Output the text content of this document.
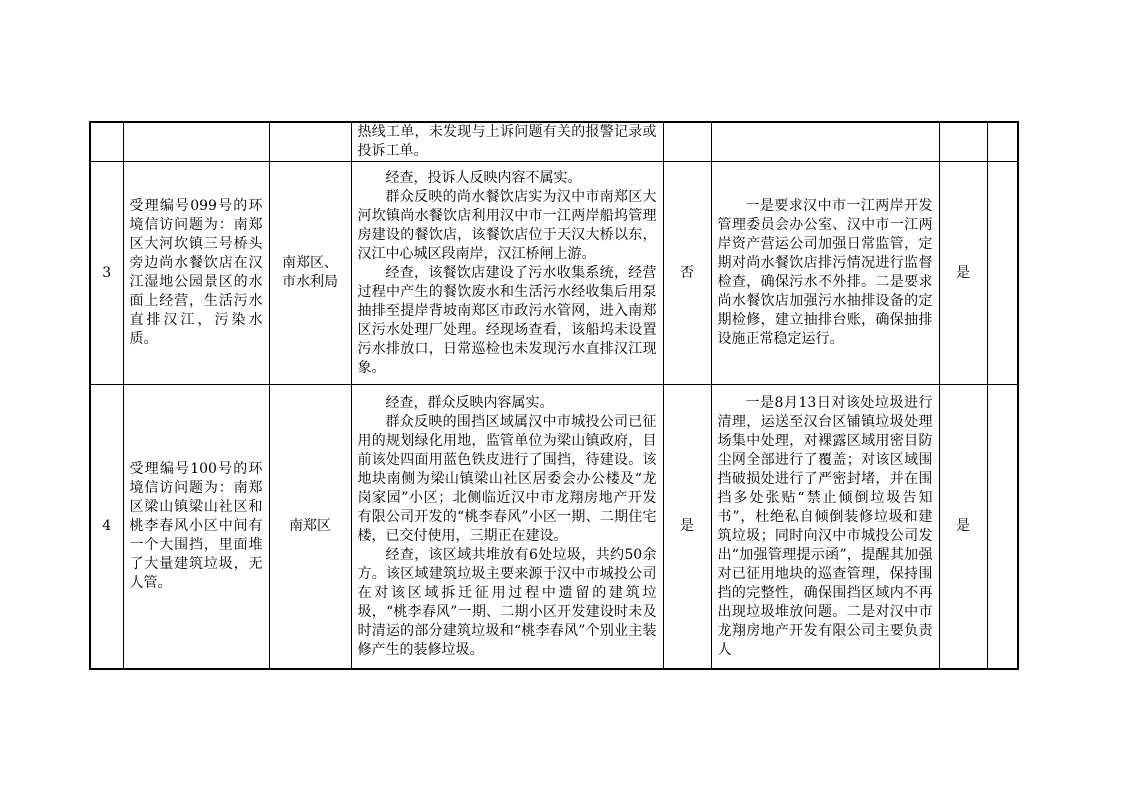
			热线工单，未发现与上诉问题有关的报警记录或投诉工单。				

3	受理编号099号的环境信访问题为：南郑区大河坎镇三号桥头旁边尚水餐饮店在汉江湿地公园景区的水面上经营，生活污水直排汉江，污染水质。	南郑区、市水利局	经查，投诉人反映内容不属实。

群众反映的尚水餐饮店实为汉中市南郑区大河坎镇尚水餐饮店利用汉中市一江两岸船坞管理房建设的餐饮店，该餐饮店位于天汉大桥以东，汉江中心城区段南岸，汉江桥闸上游。

经查，该餐饮店建设了污水收集系统，经营过程中产生的餐饮废水和生活污水经收集后用泵抽排至提岸背坡南郑区市政污水管网，进入南郑区污水处理厂处理。经现场查看，该船坞未设置污水排放口，日常巡检也未发现污水直排汉江现象。	否	一是要求汉中市一江两岸开发管理委员会办公室、汉中市一江两岸资产营运公司加强日常监管，定期对尚水餐饮店排污情况进行监督检查，确保污水不外排。二是要求尚水餐饮店加强污水抽排设备的定期检修，建立抽排台账，确保抽排设施正常稳定运行。	是	
4	受理编号100号的环境信访问题为：南郑区梁山镇梁山社区和桃李春风小区中间有一个大围挡，里面堆了大量建筑垃圾，无人管。	南郑区	经查，群众反映内容属实。

群众反映的围挡区域属汉中市城投公司已征用的规划绿化用地，监管单位为梁山镇政府，目前该处四面用蓝色铁皮进行了围挡，待建设。该地块南侧为梁山镇梁山社区居委会办公楼及“龙岗家园”小区；北侧临近汉中市龙翔房地产开发有限公司开发的“桃李春风”小区一期、二期住宅楼，已交付使用，三期正在建设。

经查，该区域共堆放有6处垃圾，共约50余方。该区域建筑垃圾主要来源于汉中市城投公司在对该区域拆迁征用过程中遗留的建筑垃圾，“桃李春风”一期、二期小区开发建设时未及时清运的部分建筑垃圾和“桃李春风”个别业主装修产生的装修垃圾。	是	一是8月13日对该处垃圾进行清理，运送至汉台区铺镇垃圾处理场集中处理，对裸露区域用密目防尘网全部进行了覆盖；对该区域围挡破损处进行了严密封堵，并在围挡多处张贴“禁止倾倒垃圾告知书”，杜绝私自倾倒装修垃圾和建筑垃圾；同时向汉中市城投公司发出“加强管理提示函”，提醒其加强对已征用地块的巡查管理，保持围挡的完整性，确保围挡区域内不再出现垃圾堆放问题。二是对汉中市龙翔房地产开发有限公司主要负责人	是	
